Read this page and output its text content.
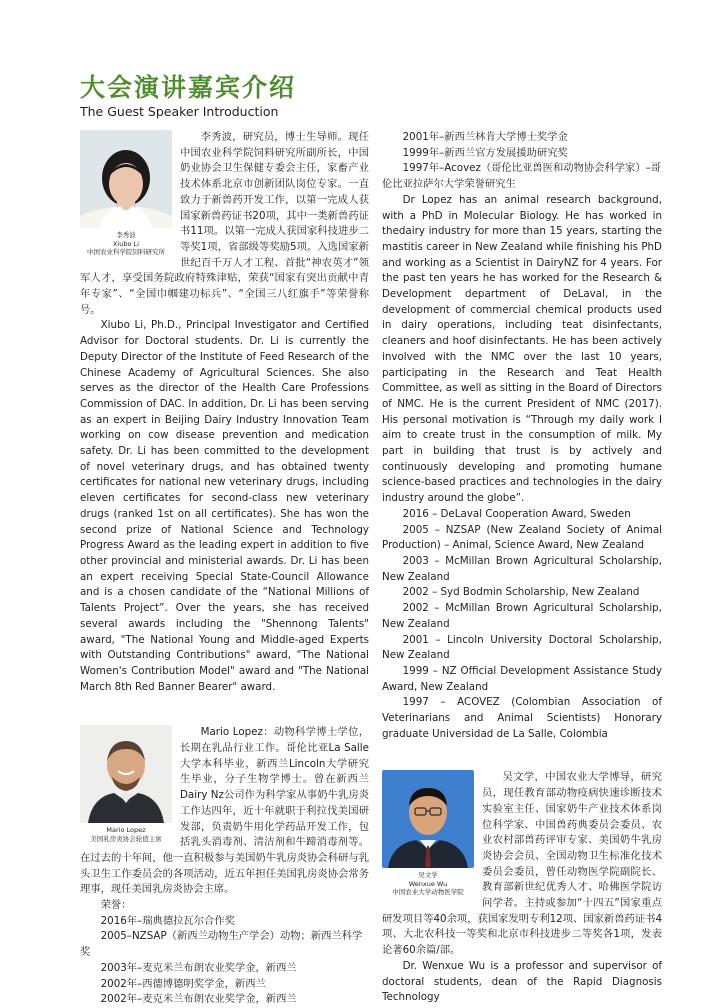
大会演讲嘉宾介绍

The Guest Speaker Introduction

李秀波
Xiubo Li
中国农业科学院饲料研究所

李秀波，研究员，博士生导师。现任中国农业科学院饲料研究所副所长，中国奶业协会卫生保健专委会主任，家畜产业技术体系北京市创新团队岗位专家。一直致力于新兽药开发工作，以第一完成人获国家新兽药证书20项，其中一类新兽药证书11项。以第一完成人获国家科技进步二等奖1项，省部级等奖励5项。入选国家新世纪百千万人才工程、首批“神农英才”领军人才，享受国务院政府特殊津贴，荣获“国家有突出贡献中青年专家”、“全国巾帼建功标兵”、“全国三八红旗手”等荣誉称号。

Xiubo Li, Ph.D., Principal Investigator and Certified Advisor for Doctoral students. Dr. Li is currently the Deputy Director of the Institute of Feed Research of the Chinese Academy of Agricultural Sciences. She also serves as the director of the Health Care Professions Commission of DAC. In addition, Dr. Li has been serving as an expert in Beijing Dairy Industry Innovation Team working on cow disease prevention and medication safety. Dr. Li has been committed to the development of novel veterinary drugs, and has obtained twenty certificates for national new veterinary drugs, including eleven certificates for second-class new veterinary drugs (ranked 1st on all certificates). She has won the second prize of National Science and Technology Progress Award as the leading expert in addition to five other provincial and ministerial awards. Dr. Li has been an expert receiving Special State-Council Allowance and is a chosen candidate of the “National Millions of Talents Project”. Over the years, she has received several awards including the "Shennong Talents" award, "The National Young and Middle-aged Experts with Outstanding Contributions" award, "The National Women's Contribution Model" award and "The National March 8th Red Banner Bearer" award.

Mario Lopez
美国乳房炎协会轮值主席

Mario Lopez：动物科学博士学位，长期在乳品行业工作。哥伦比亚La Salle大学本科毕业，新西兰Lincoln大学研究生毕业，分子生物学博士。曾在新西兰Dairy Nz公司作为科学家从事奶牛乳房炎工作达四年，近十年就职于利拉伐美国研发部，负责奶牛用化学药品开发工作，包括乳头消毒剂、清洁剂和牛蹄消毒剂等。在过去的十年间，他一直积极参与美国奶牛乳房炎协会科研与乳头卫生工作委员会的各项活动，近五年担任美国乳房炎协会常务理事，现任美国乳房炎协会主席。

荣誉：

2016年–瑞典德拉瓦尔合作奖

2005–NZSAP（新西兰动物生产学会）动物；新西兰科学奖

2003年–麦克米兰布朗农业奖学金，新西兰

2002年–西德博德明奖学金，新西兰

2002年–麦克米兰布朗农业奖学金，新西兰

2001年–新西兰林肯大学博士奖学金

1999年–新西兰官方发展援助研究奖

1997年–Acovez（哥伦比亚兽医和动物协会科学家）–哥伦比亚拉萨尔大学荣誉研究生

Dr Lopez has an animal research background, with a PhD in Molecular Biology. He has worked in thedairy industry for more than 15 years, starting the mastitis career in New Zealand while finishing his PhD and working as a Scientist in DairyNZ for 4 years. For the past ten years he has worked for the Research & Development department of DeLaval, in the development of commercial chemical products used in dairy operations, including teat disinfectants, cleaners and hoof disinfectants. He has been actively involved with the NMC over the last 10 years, participating in the Research and Teat Health Committee, as well as sitting in the Board of Directors of NMC. He is the current President of NMC (2017). His personal motivation is “Through my daily work I aim to create trust in the consumption of milk. My part in building that trust is by actively and continuously developing and promoting humane science-based practices and technologies in the dairy industry around the globe”.

2016 – DeLaval Cooperation Award, Sweden

2005 – NZSAP (New Zealand Society of Animal Production) – Animal, Science Award, New Zealand

2003 – McMillan Brown Agricultural Scholarship, New Zealand

2002 – Syd Bodmin Scholarship, New Zealand

2002 – McMillan Brown Agricultural Scholarship, New Zealand

2001 – Lincoln University Doctoral Scholarship, New Zealand

1999 – NZ Official Development Assistance Study Award, New Zealand

1997 – ACOVEZ (Colombian Association of Veterinarians and Animal Scientists) Honorary graduate Universidad de La Salle, Colombia

吴文学
Wenxue Wu
中国农业大学动物医学院

吴文学，中国农业大学博导，研究员，现任教育部动物疫病快速诊断技术实验室主任、国家奶牛产业技术体系岗位科学家、中国兽药典委员会委员、农业农村部兽药评审专家、美国奶牛乳房炎协会会员、全国动物卫生标准化技术委员会委员，曾任动物医学院副院长、教育部新世纪优秀人才、哈佛医学院访问学者。主持或参加“十四五”国家重点研发项目等40余项，获国家发明专利12项、国家新兽药证书4项、大北农科技一等奖和北京市科技进步二等奖各1项，发表论著60余篇/部。

Dr. Wenxue Wu is a professor and supervisor of doctoral students, dean of the Rapid Diagnosis Technology
